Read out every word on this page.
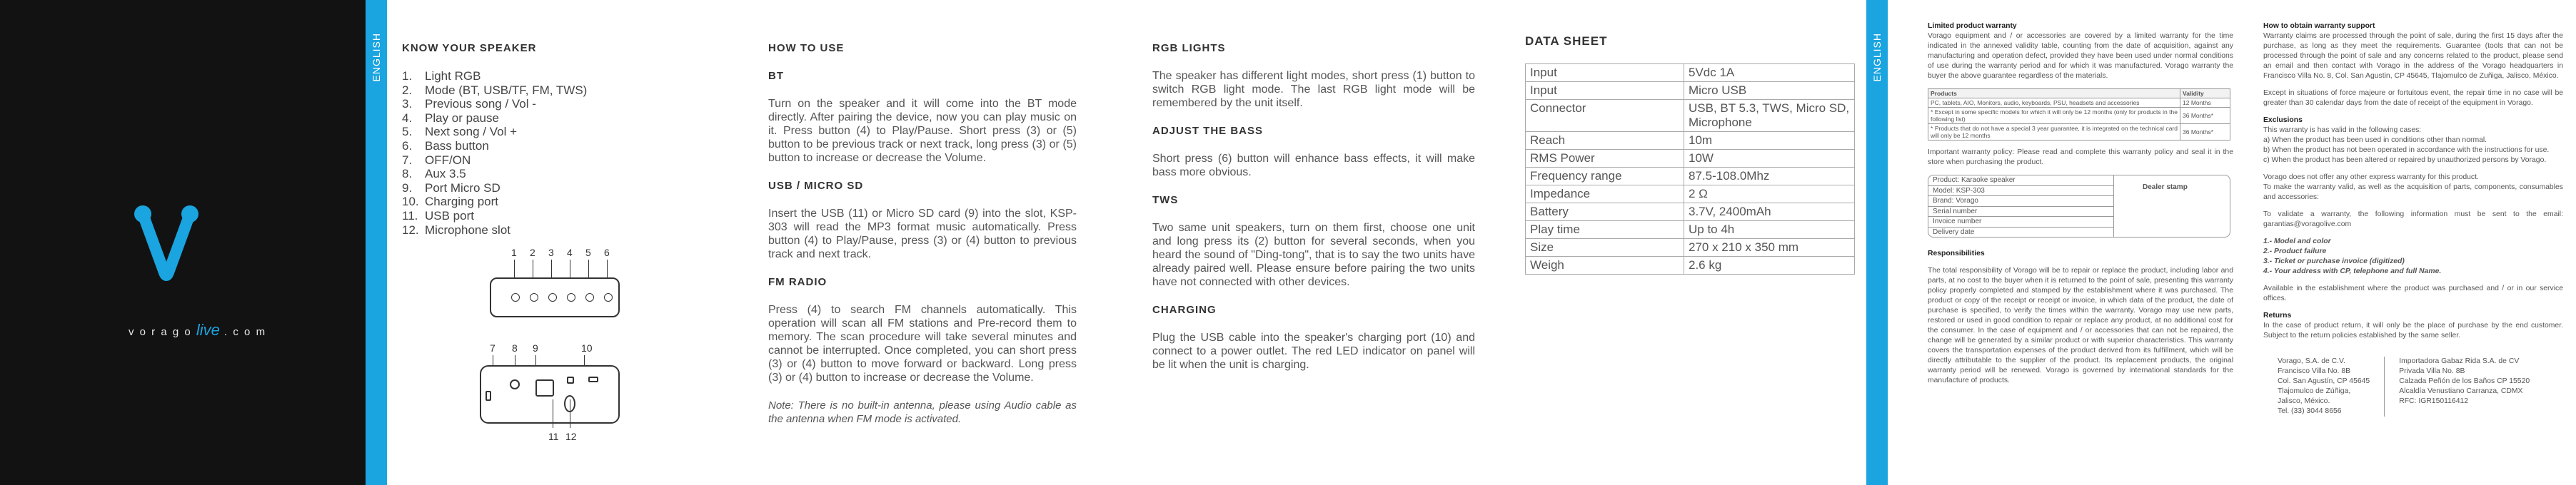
v o r a g o live . c o m
ENGLISH KNOW YOUR SPEAKER
1. Light RGB
2. Mode (BT, USB/TF, FM, TWS)
3. Previous song / Vol -
4. Play or pause
5. Next song / Vol +
6. Bass button
7. OFF/ON
8. Aux 3.5
9. Port Micro SD
10. Charging port
11. USB port
12. Microphone slot
1 2 3 4 5 6
7 8 9	10
11 12
HOW TO USE
BT
Turn on the speaker and it will come into the BT mode directly. After pairing the device, now you can play music on it. Press button (4) to Play/Pause. Short press (3) or (5) button to be previous track or next track, long press (3) or (5) button to increase or decrease the Volume.
USB / MICRO SD
Insert the USB (11) or Micro SD card (9) into the slot, KSP-303 will read the MP3 format music automatically. Press button (4) to Play/Pause, press (3) or (4) button to previous track and next track.
FM RADIO
Press (4) to search FM channels automatically. This operation will scan all FM stations and Pre-record them to memory. The scan procedure will take several minutes and cannot be interrupted. Once completed, you can short press (3) or (4) button to move forward or backward. Long press (3) or (4) button to increase or decrease the Volume.
Note: There is no built-in antenna, please using Audio cable as the antenna when FM mode is activated.
RGB LIGHTS
The speaker has different light modes, short press (1) button to switch RGB light mode. The last RGB light mode will be remembered by the unit itself.
ADJUST THE BASS
Short press (6) button will enhance bass effects, it will make bass more obvious.
TWS
Two same unit speakers, turn on them first, choose one unit and long press its (2) button for several seconds, when you heard the sound of "Ding-tong", that is to say the two units have already paired well. Please ensure before pairing the two units have not connected with other devices.
CHARGING
Plug the USB cable into the speaker's charging port (10) and connect to a power outlet. The red LED indicator on panel will be lit when the unit is charging.
DATA SHEET
Input	5Vdc 1A
Input	Micro USB
Connector	USB, BT 5.3, TWS, Micro SD, Microphone
Reach	10m
RMS Power	10W
Frequency range	87.5-108.0Mhz
Impedance	2 Ω
Battery	3.7V, 2400mAh
Play time	Up to 4h
Size	270 x 210 x 350 mm
Weigh	2.6 kg
ENGLISH
Limited product warranty
Vorago equipment and / or accessories are covered by a limited warranty for the time indicated in the annexed validity table, counting from the date of acquisition, against any manufacturing and operation defect, provided they have been used under normal conditions of use during the warranty period and for which it was manufactured. Vorago warranty the buyer the above guarantee regardless of the materials.
Products	Validity
PC, tablets, AIO, Monitors, audio, keyboards, PSU, headsets and accessories	12 Months
* Except in some specific models for which it will only be 12 months (only for products in the following list)	36 Months*
* Products that do not have a special 3 year guarantee, it is integrated on the technical card will only be 12 months	36 Months*
Important warranty policy: Please read and complete this warranty policy and seal it in the store when purchasing the product.
Product: Karaoke speaker
Model: KSP-303
Brand: Vorago
Serial number
Invoice number
Delivery date
Dealer stamp
Responsibilities
The total responsibility of Vorago will be to repair or replace the product, including labor and parts, at no cost to the buyer when it is returned to the point of sale, presenting this warranty policy properly completed and stamped by the establishment where it was purchased. The product or copy of the receipt or receipt or invoice, in which data of the product, the date of purchase is specified, to verify the times within the warranty. Vorago may use new parts, restored or used in good condition to repair or replace any product, at no additional cost for the consumer. In the case of equipment and / or accessories that can not be repaired, the change will be generated by a similar product or with superior characteristics. This warranty covers the transportation expenses of the product derived from its fulfillment, which will be directly attributable to the supplier of the product. Its replacement products, the original warranty period will be renewed. Vorago is governed by international standards for the manufacture of products.
How to obtain warranty support
Warranty claims are processed through the point of sale, during the first 15 days after the purchase, as long as they meet the requirements. Guarantee (tools that can not be processed through the point of sale and any concerns related to the product, please send an email and then contact with Vorago in the address of the Vorago headquarters in Francisco Villa No. 8, Col. San Agustin, CP 45645, Tlajomulco de Zuñiga, Jalisco, México.
Except in situations of force majeure or fortuitous event, the repair time in no case will be greater than 30 calendar days from the date of receipt of the equipment in Vorago.
Exclusions
This warranty is has valid in the following cases:
a) When the product has been used in conditions other than normal.
b) When the product has not been operated in accordance with the instructions for use.
c) When the product has been altered or repaired by unauthorized persons by Vorago.
Vorago does not offer any other express warranty for this product.
To make the warranty valid, as well as the acquisition of parts, components, consumables and accessories:
To validate a warranty, the following information must be sent to the email: garantias@voragolive.com
1.- Model and color
2.- Product failure
3.- Ticket or purchase invoice (digitized)
4.- Your address with CP, telephone and full Name.
Available in the establishment where the product was purchased and / or in our service offices.
Returns
In the case of product return, it will only be the place of purchase by the end customer. Subject to the return policies established by the same seller.
Vorago, S.A. de C.V.
Francisco Villa No. 8B
Col. San Agustín, CP 45645
Tlajomulco de Zúñiga,
Jalisco, México.
Tel. (33) 3044 8656
Importadora Gabaz Rida S.A. de CV
Privada Villa No. 8B
Calzada Peñón de los Baños CP 15520
Alcaldía Venustiano Carranza, CDMX
RFC: IGR150116412
